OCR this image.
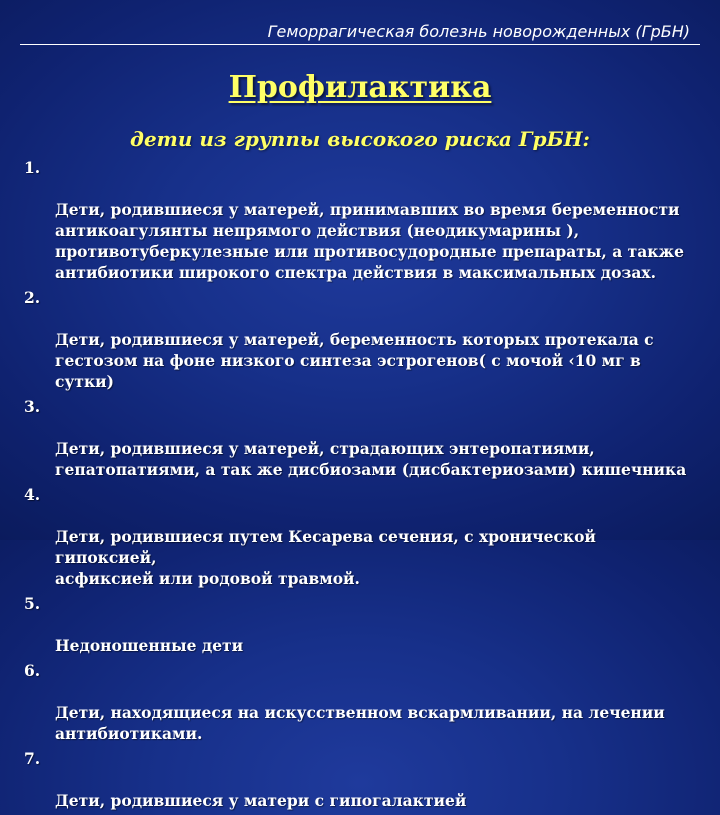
Геморрагическая болезнь новорожденных (ГрБН)
Профилактика
дети из группы высокого риска ГрБН:

1.

Дети, родившиеся у матерей, принимавших во время беременности
антикоагулянты непрямого действия (неодикумарины ),
противотуберкулезные или противосудородные препараты, а также
антибиотики широкого спектра действия в максимальных дозах.

2.

Дети, родившиеся у матерей, беременность которых протекала с
гестозом на фоне низкого синтеза эстрогенов( с мочой ‹10 мг в сутки)

3.

Дети, родившиеся у матерей, страдающих энтеропатиями,
гепатопатиями, а так же дисбиозами (дисбактериозами) кишечника

4.

Дети, родившиеся путем Кесарева сечения, с хронической гипоксией,
асфиксией или родовой травмой.

5.

Недоношенные дети

6.

Дети, находящиеся на искусственном вскармливании, на лечении
антибиотиками.

7.

Дети, родившиеся у матери с гипогалактией
